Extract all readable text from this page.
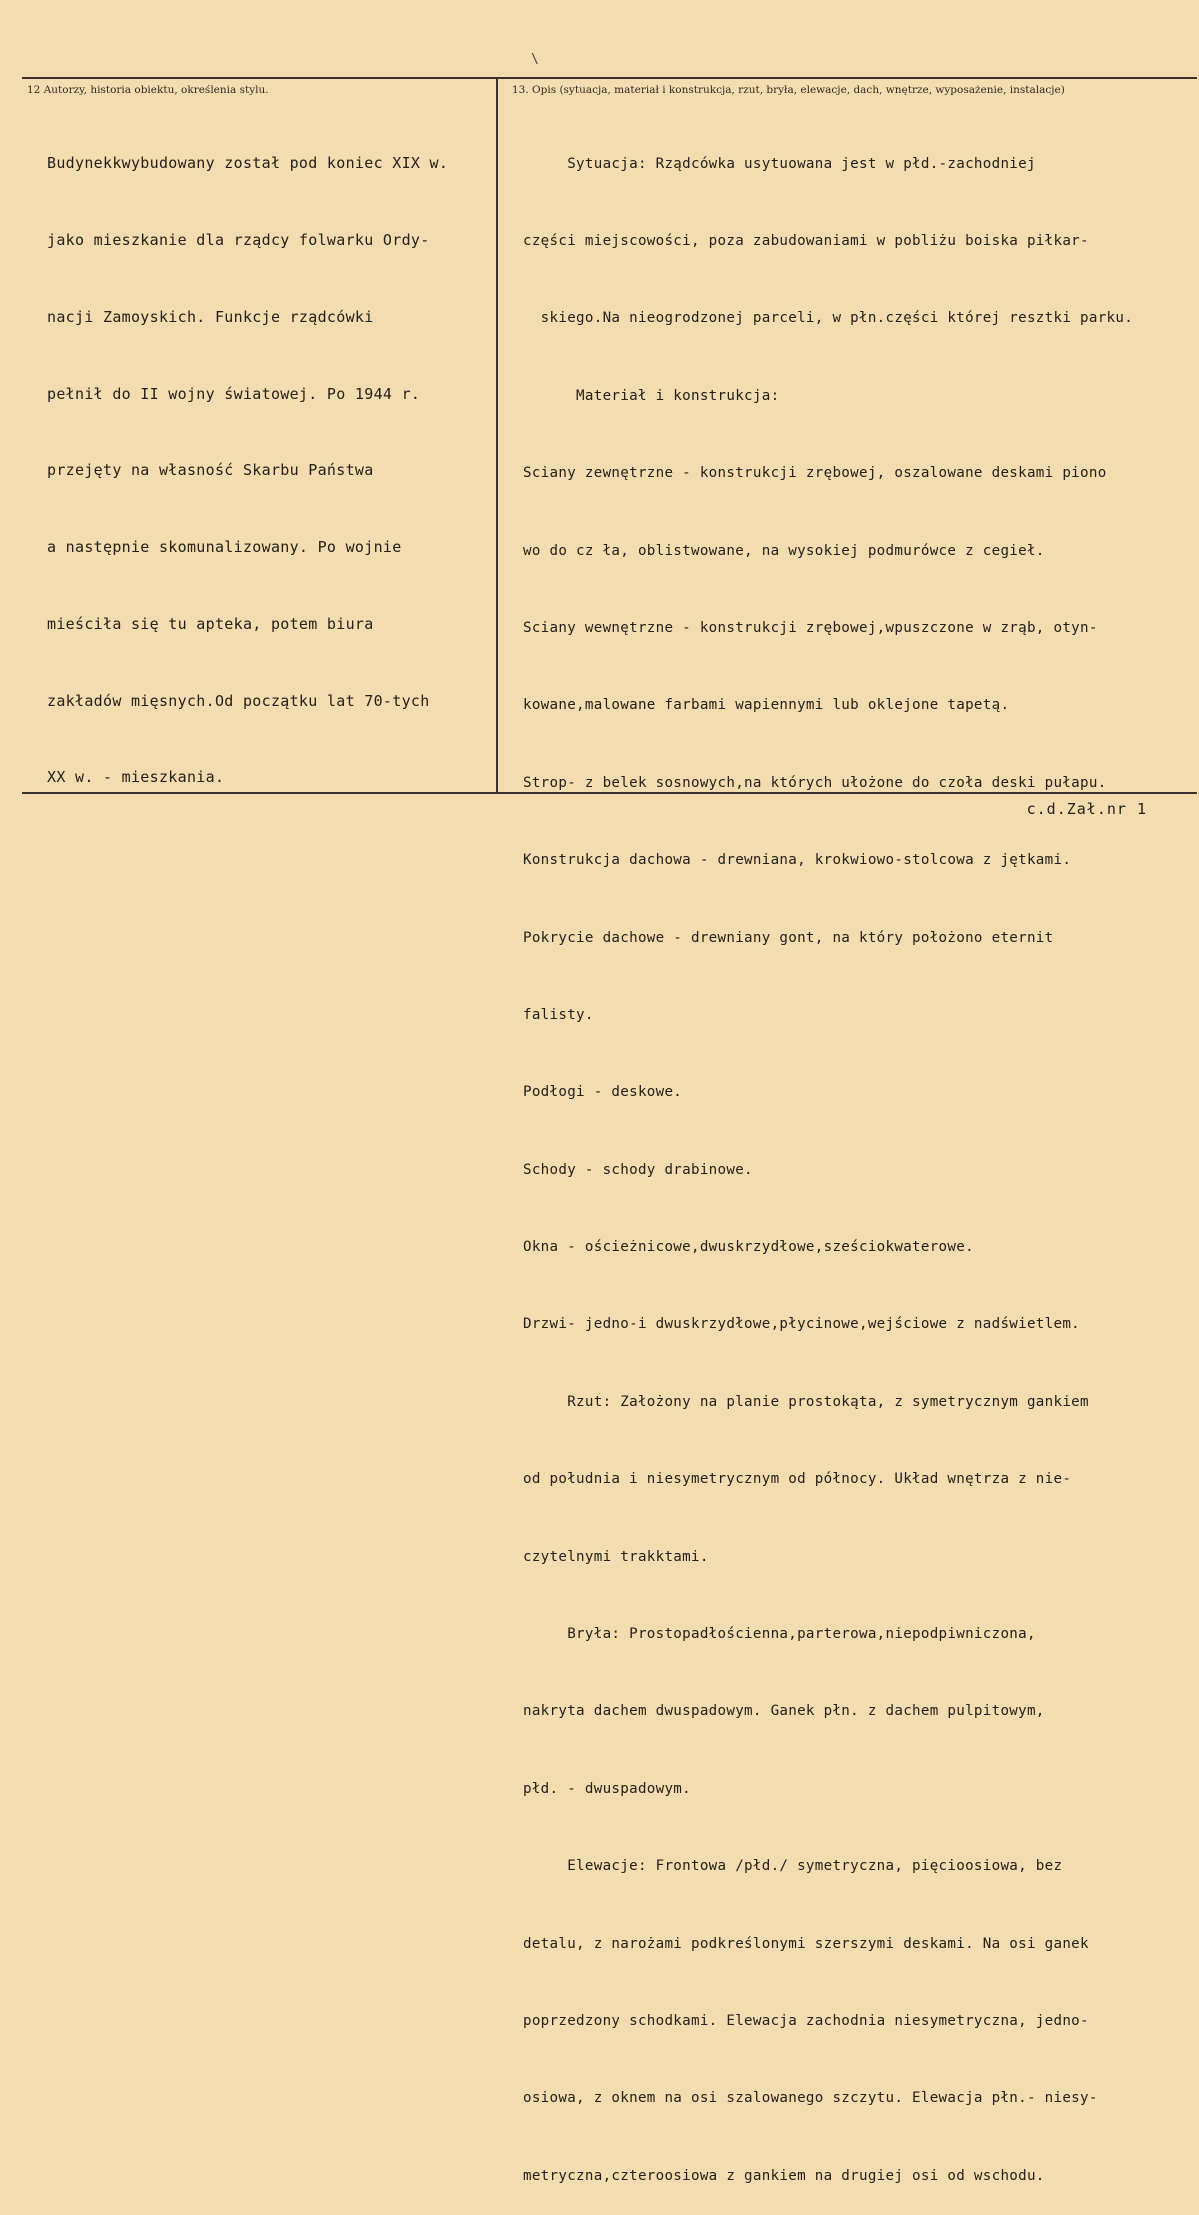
\
12 Autorzy, historia obiektu, określenia stylu.	13. Opis (sytuacja, materiał i konstrukcja, rzut, bryła, elewacje, dach, wnętrze, wyposażenie, instalacje)

Budynekkwybudowany został pod koniec XIX w.

jako mieszkanie dla rządcy folwarku Ordy-

nacji Zamoyskich. Funkcje rządcówki

pełnił do II wojny światowej. Po 1944 r.

przejęty na własność Skarbu Państwa

a następnie skomunalizowany. Po wojnie

mieściła się tu apteka, potem biura

zakładów mięsnych.Od początku lat 70-tych

XX w. - mieszkania.

Sytuacja: Rządcówka usytuowana jest w płd.-zachodniej

części miejscowości, poza zabudowaniami w pobliżu boiska piłkar-

skiego.Na nieogrodzonej parceli, w płn.części której resztki parku.

Materiał i konstrukcja:

Sciany zewnętrzne - konstrukcji zrębowej, oszalowane deskami piono

wo do cz ła, oblistwowane, na wysokiej podmurówce z cegieł.

Sciany wewnętrzne - konstrukcji zrębowej,wpuszczone w zrąb, otyn-

kowane,malowane farbami wapiennymi lub oklejone tapetą.

Strop- z belek sosnowych,na których ułożone do czoła deski pułapu.

Konstrukcja dachowa - drewniana, krokwiowo-stolcowa z jętkami.

Pokrycie dachowe - drewniany gont, na który położono eternit

falisty.

Podłogi - deskowe.

Schody - schody drabinowe.

Okna - ościeżnicowe,dwuskrzydłowe,sześciokwaterowe.

Drzwi- jedno-i dwuskrzydłowe,płycinowe,wejściowe z nadświetlem.

Rzut: Założony na planie prostokąta, z symetrycznym gankiem

od południa i niesymetrycznym od północy. Układ wnętrza z nie-

czytelnymi trakktami.

Bryła: Prostopadłościenna,parterowa,niepodpiwniczona,

nakryta dachem dwuspadowym. Ganek płn. z dachem pulpitowym,

płd. - dwuspadowym.

Elewacje: Frontowa /płd./ symetryczna, pięcioosiowa, bez

detalu, z narożami podkreślonymi szerszymi deskami. Na osi ganek

poprzedzony schodkami. Elewacja zachodnia niesymetryczna, jedno-

osiowa, z oknem na osi szalowanego szczytu. Elewacja płn.- niesy-

metryczna,czteroosiowa z gankiem na drugiej osi od wschodu.

c.d.Zał.nr 1
